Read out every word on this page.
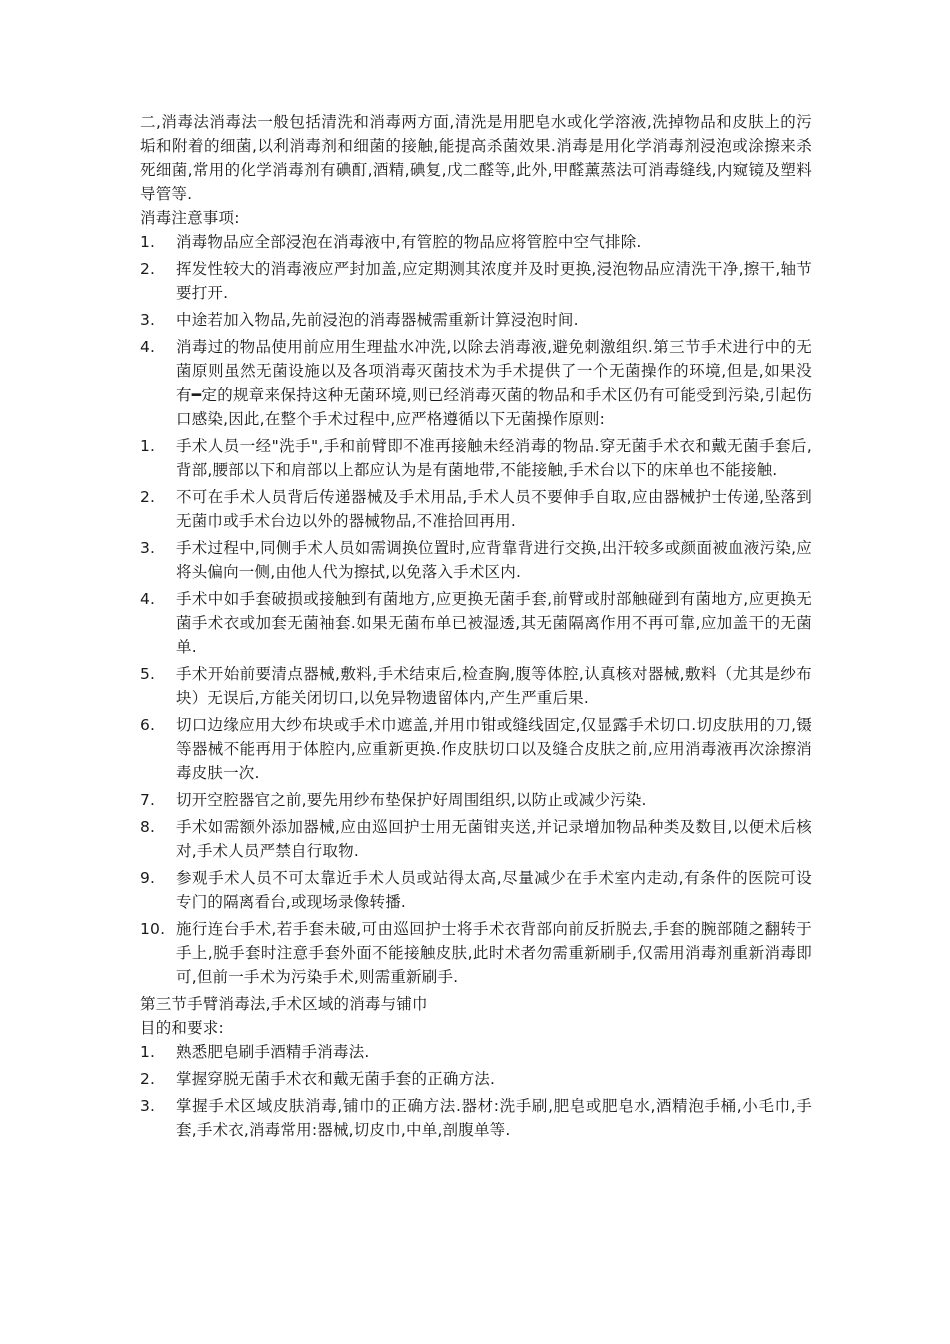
二,消毒法消毒法一般包括清洗和消毒两方面,清洗是用肥皂水或化学溶液,洗掉物品和皮肤上的污垢和附着的细菌,以利消毒剂和细菌的接触,能提高杀菌效果.消毒是用化学消毒剂浸泡或涂擦来杀死细菌,常用的化学消毒剂有碘酊,酒精,碘复,戊二醛等,此外,甲醛薰蒸法可消毒缝线,内窥镜及塑料导管等.

消毒注意事项:

1.	消毒物品应全部浸泡在消毒液中,有管腔的物品应将管腔中空气排除.
2.	挥发性较大的消毒液应严封加盖,应定期测其浓度并及时更换,浸泡物品应清洗干净,擦干,轴节要打开.
3.	中途若加入物品,先前浸泡的消毒器械需重新计算浸泡时间.
4.	消毒过的物品使用前应用生理盐水冲洗,以除去消毒液,避免刺激组织.第三节手术进行中的无菌原则虽然无菌设施以及各项消毒灭菌技术为手术提供了一个无菌操作的环境,但是,如果没有━定的规章来保持这种无菌环境,则已经消毒灭菌的物品和手术区仍有可能受到污染,引起伤口感染,因此,在整个手术过程中,应严格遵循以下无菌操作原则:
1.	手术人员一经"洗手",手和前臂即不准再接触未经消毒的物品.穿无菌手术衣和戴无菌手套后,背部,腰部以下和肩部以上都应认为是有菌地带,不能接触,手术台以下的床单也不能接触.
2.	不可在手术人员背后传递器械及手术用品,手术人员不要伸手自取,应由器械护士传递,坠落到无菌巾或手术台边以外的器械物品,不准拾回再用.
3.	手术过程中,同侧手术人员如需调换位置时,应背靠背进行交换,出汗较多或颜面被血液污染,应将头偏向一侧,由他人代为擦拭,以免落入手术区内.
4.	手术中如手套破损或接触到有菌地方,应更换无菌手套,前臂或肘部触碰到有菌地方,应更换无菌手术衣或加套无菌袖套.如果无菌布单已被湿透,其无菌隔离作用不再可靠,应加盖干的无菌单.
5.	手术开始前要清点器械,敷料,手术结束后,检查胸,腹等体腔,认真核对器械,敷料（尤其是纱布块）无误后,方能关闭切口,以免异物遗留体内,产生严重后果.
6.	切口边缘应用大纱布块或手术巾遮盖,并用巾钳或缝线固定,仅显露手术切口.切皮肤用的刀,镊等器械不能再用于体腔内,应重新更换.作皮肤切口以及缝合皮肤之前,应用消毒液再次涂擦消毒皮肤一次.
7.	切开空腔器官之前,要先用纱布垫保护好周围组织,以防止或减少污染.
8.	手术如需额外添加器械,应由巡回护士用无菌钳夹送,并记录增加物品种类及数目,以便术后核对,手术人员严禁自行取物.
9.	参观手术人员不可太靠近手术人员或站得太高,尽量减少在手术室内走动,有条件的医院可设专门的隔离看台,或现场录像转播.
10. 施行连台手术,若手套未破,可由巡回护士将手术衣背部向前反折脱去,手套的腕部随之翻转于手上,脱手套时注意手套外面不能接触皮肤,此时术者勿需重新刷手,仅需用消毒剂重新消毒即可,但前一手术为污染手术,则需重新刷手.

第三节手臂消毒法,手术区域的消毒与铺巾

目的和要求:

1.	熟悉肥皂刷手酒精手消毒法.
2.	掌握穿脱无菌手术衣和戴无菌手套的正确方法.
3.	掌握手术区域皮肤消毒,铺巾的正确方法.器材:洗手刷,肥皂或肥皂水,酒精泡手桶,小毛巾,手套,手术衣,消毒常用:器械,切皮巾,中单,剖腹单等.
